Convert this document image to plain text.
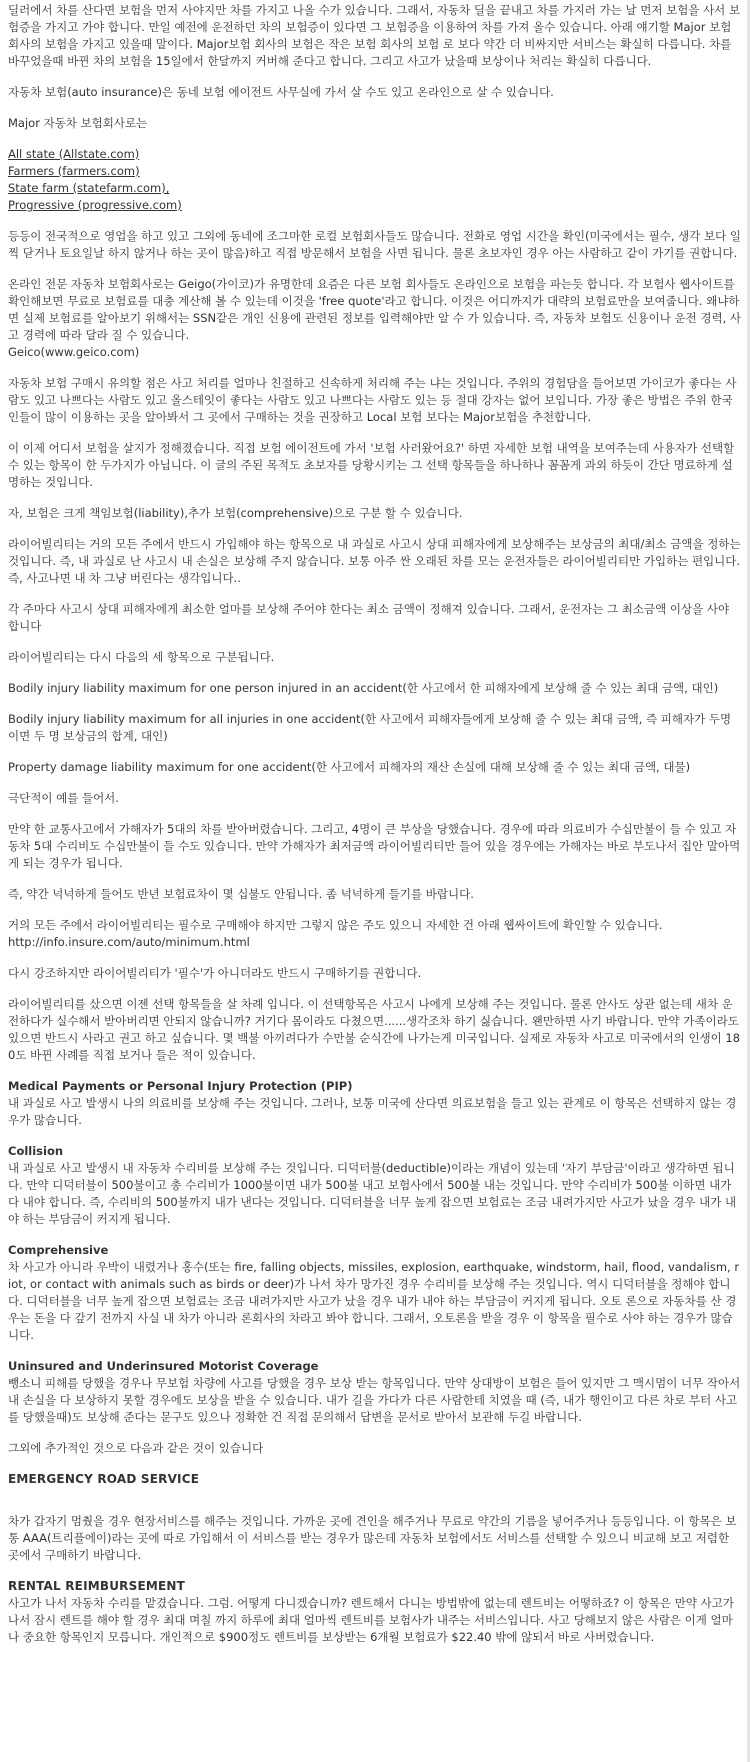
딜러에서 차를 산다면 보험을 먼저 사야지만 차를 가지고 나올 수가 있습니다. 그래서, 자동차 딜을 끝내고 차를 가지러 가는 날 먼저 보험을 사서 보험증을 가지고 가야 합니다. 만일 예전에 운전하던 차의 보험증이 있다면 그 보험증을 이용하여 차를 가져 올수 있습니다. 아래 얘기할 Major 보험 회사의 보험을 가지고 있을때 말이다. Major보험 회사의 보험은 작은 보험 회사의 보험 로 보다 약간 더 비싸지만 서비스는 확실히 다릅니다. 차를 바꾸었을때 바뀐 차의 보험을 15일에서 한달까지 커버해 준다고 합니다. 그리고 사고가 났을때 보상이나 처리는 확실히 다릅니다.

자동차 보험(auto insurance)은 동네 보험 에이전트 사무실에 가서 살 수도 있고 온라인으로 살 수 있습니다.

Major 자동차 보험회사로는

All state (Allstate.com)
Farmers (farmers.com)
State farm (statefarm.com),
Progressive (progressive.com)

등등이 전국적으로 영업을 하고 있고 그외에 동네에 조그마한 로컬 보험회사들도 많습니다. 전화로 영업 시간을 확인(미국에서는 필수, 생각 보다 일찍 닫거나 토요일날 하지 않거나 하는 곳이 많음)하고 직접 방문해서 보험을 사면 됩니다. 물론 초보자인 경우 아는 사람하고 같이 가기를 권합니다.

온라인 전문 자동차 보험회사로는 Geigo(가이코)가 유명한데 요즘은 다른 보험 회사들도 온라인으로 보험을 파는듯 합니다. 각 보험사 웹사이트를 확인해보면 무료로 보험료를 대충 계산해 볼 수 있는데 이것을 'free quote'라고 합니다. 이것은 어디까지가 대략의 보험료만을 보여줍니다. 왜냐하면 실제 보험료를 알아보기 위해서는 SSN같은 개인 신용에 관련된 정보를 입력해야만 알 수 가 있습니다. 즉, 자동차 보험도 신용이나 운전 경력, 사고 경력에 따라 달라 질 수 있습니다.
Geico(www.geico.com)

자동차 보험 구매시 유의할 점은 사고 처리를 얼마나 친절하고 신속하게 처리해 주는 냐는 것입니다. 주위의 경험담을 들어보면 가이코가 좋다는 사람도 있고 나쁘다는 사람도 있고 올스테잇이 좋다는 사람도 있고 나쁘다는 사람도 있는 등 절대 강자는 없어 보입니다. 가장 좋은 방법은 주위 한국인들이 많이 이용하는 곳을 알아봐서 그 곳에서 구매하는 것을 권장하고 Local 보험 보다는 Major보험을 추천합니다.

이 이제 어디서 보험을 살지가 정해졌습니다. 직접 보험 에이전트에 가서 '보험 사러왔어요?' 하면 자세한 보험 내역을 보여주는데 사용자가 선택할 수 있는 항목이 한 두가지가 아닙니다. 이 글의 주된 목적도 초보자를 당황시키는 그 선택 항목들을 하나하나 꼼꼼게 과외 하듯이 간단 명료하게 설명하는 것입니다.

자, 보험은 크게 책임보험(liability),추가 보험(comprehensive)으로 구분 할 수 있습니다.

라이어빌리티는 거의 모든 주에서 반드시 가입해야 하는 항목으로 내 과실로 사고시 상대 피해자에게 보상해주는 보상금의 최대/최소 금액을 정하는 것입니다. 즉, 내 과실로 난 사고시 내 손실은 보상해 주지 않습니다. 보통 아주 싼 오래된 차를 모는 운전자들은 라이어빌리티만 가입하는 편입니다. 즉, 사고나면 내 차 그냥 버린다는 생각입니다..

각 주마다 사고시 상대 피해자에게 최소한 얼마를 보상해 주어야 한다는 최소 금액이 정해져 있습니다. 그래서, 운전자는 그 최소금액 이상을 사야 합니다

라이어빌리티는 다시 다음의 세 항목으로 구분됩니다.

Bodily injury liability maximum for one person injured in an accident(한 사고에서 한 피해자에게 보상해 줄 수 있는 최대 금액, 대인)

Bodily injury liability maximum for all injuries in one accident(한 사고에서 피해자들에게 보상해 줄 수 있는 최대 금액, 즉 피해자가 두명이면 두 명 보상금의 합계, 대인)

Property damage liability maximum for one accident(한 사고에서 피해자의 재산 손실에 대해 보상해 줄 수 있는 최대 금액, 대물)

극단적이 예를 들어서.

만약 한 교통사고에서 가해자가 5대의 차를 받아버렸습니다. 그리고, 4명이 큰 부상을 당했습니다. 경우에 따라 의료비가 수십만불이 들 수 있고 자동차 5대 수리비도 수십만불이 들 수도 있습니다. 만약 가해자가 최저금액 라이어빌리티만 들어 있을 경우에는 가해자는 바로 부도나서 집안 말아먹게 되는 경우가 됩니다.

즉, 약간 넉넉하게 들어도 반년 보험료차이 몇 십불도 안됩니다. 좀 넉넉하게 들기를 바랍니다.

거의 모든 주에서 라이어빌리티는 필수로 구매해야 하지만 그렇지 않은 주도 있으니 자세한 건 아래 웹싸이트에 확인할 수 있습니다.
http://info.insure.com/auto/minimum.html

다시 강조하지만 라이어빌리티가 '필수'가 아니더라도 반드시 구매하기를 권합니다.

라이어빌리티를 샀으면 이젠 선택 항목들을 살 차례 입니다. 이 선택항목은 사고시 나에게 보상해 주는 것입니다. 물론 안사도 상관 없는데 새차 운전하다가 실수해서 받아버리면 안되지 않습니까? 거기다 몸이라도 다쳤으면......생각조차 하기 싫습니다. 왠만하면 사기 바랍니다. 만약 가족이라도 있으면 반드시 사라고 권고 하고 싶습니다. 몇 백불 아끼려다가 수만불 순식간에 나가는게 미국입니다. 실제로 자동차 사고로 미국에서의 인생이 180도 바뀐 사례를 직접 보거나 들은 적이 있습니다.

Medical Payments or Personal Injury Protection (PIP)

내 과실로 사고 발생시 나의 의료비를 보상해 주는 것입니다. 그러나, 보통 미국에 산다면 의료보험을 들고 있는 관계로 이 항목은 선택하지 않는 경우가 많습니다.

Collision

내 과실로 사고 발생시 내 자동차 수리비를 보상해 주는 것입니다. 디덕터블(deductible)이라는 개념이 있는데 '자기 부담금'이라고 생각하면 됩니다. 만약 디덕터블이 500불이고 총 수리비가 1000불이면 내가 500불 내고 보험사에서 500불 내는 것입니다. 만약 수리비가 500불 이하면 내가 다 내야 합니다. 즉, 수리비의 500불까지 내가 낸다는 것입니다. 디덕터블을 너무 높게 잡으면 보험료는 조금 내려가지만 사고가 났을 경우 내가 내야 하는 부담금이 커지게 됩니다.

Comprehensive

차 사고가 아니라 우박이 내렸거나 홍수(또는 fire, falling objects, missiles, explosion, earthquake, windstorm, hail, flood, vandalism, riot, or contact with animals such as birds or deer)가 나서 차가 망가진 경우 수리비를 보상해 주는 것입니다. 역시 디덕터블을 정해야 합니다. 디덕터블을 너무 높게 잡으면 보험료는 조금 내려가지만 사고가 났을 경우 내가 내야 하는 부담금이 커지게 됩니다. 오토 론으로 자동차를 산 경우는 돈을 다 갚기 전까지 사실 내 차가 아니라 론회사의 차라고 봐야 합니다. 그래서, 오토론을 받을 경우 이 항목을 필수로 사야 하는 경우가 많습니다.

Uninsured and Underinsured Motorist Coverage

뺑소니 피해를 당했을 경우나 무보험 차량에 사고를 당했을 경우 보상 받는 항목입니다. 만약 상대방이 보험은 들어 있지만 그 맥시멈이 너무 작아서 내 손실을 다 보상하지 못할 경우에도 보상을 받을 수 있습니다. 내가 길을 가다가 다른 사람한테 치였을 때 (즉, 내가 행인이고 다른 차로 부터 사고를 당했을때)도 보상해 준다는 문구도 있으나 정확한 건 직접 문의해서 답변을 문서로 받아서 보관해 두길 바랍니다.

그외에 추가적인 것으로 다음과 같은 것이 있습니다

EMERGENCY ROAD SERVICE

차가 갑자기 멈췄을 경우 현장서비스를 해주는 것입니다. 가까운 곳에 견인을 해주거나 무료로 약간의 기름을 넣어주거나 등등입니다. 이 항목은 보통 AAA(트리플에이)라는 곳에 따로 가입해서 이 서비스를 받는 경우가 많은데 자동차 보험에서도 서비스를 선택할 수 있으니 비교해 보고 저렴한 곳에서 구매하기 바랍니다.

RENTAL REIMBURSEMENT

사고가 나서 자동차 수리를 맡겼습니다. 그럼. 어떻게 다니겠습니까? 렌트해서 다니는 방법밖에 없는데 렌트비는 어떻하죠? 이 항목은 만약 사고가 나서 잠시 렌트를 해야 할 경우 최대 며칠 까지 하루에 최대 얼마씩 렌트비를 보험사가 내주는 서비스입니다. 사고 당해보지 않은 사람은 이게 얼마나 중요한 항목인지 모릅니다. 개인적으로 $900정도 렌트비를 보상받는 6개월 보험료가 $22.40 밖에 않되서 바로 사버렸습니다.
